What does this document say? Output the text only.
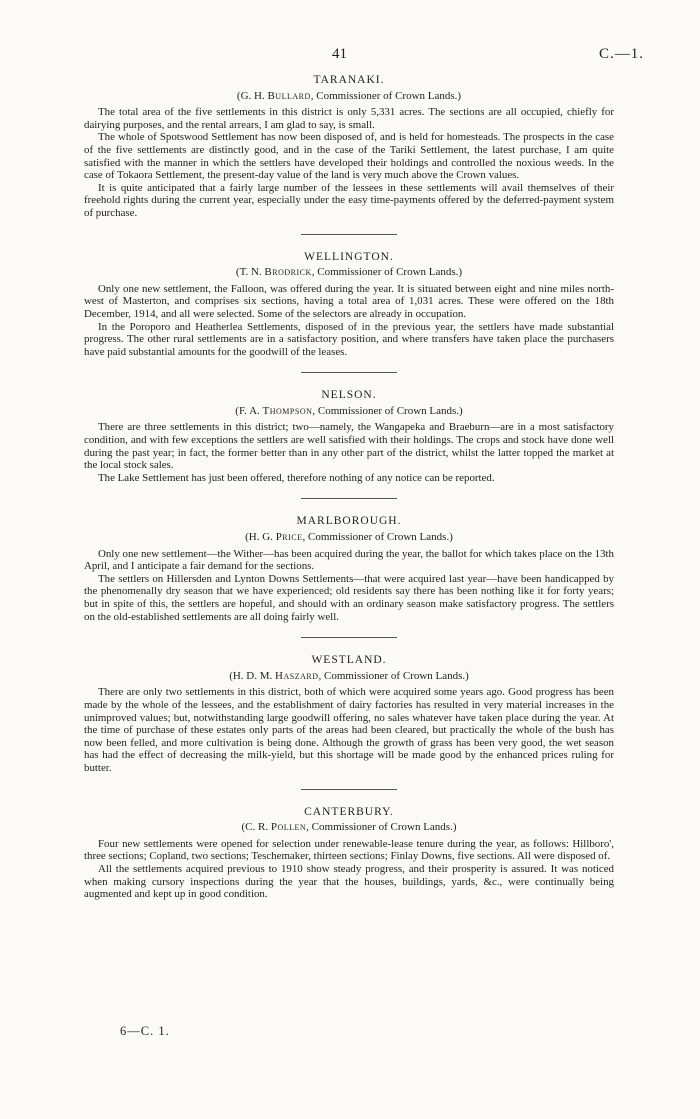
41	C.—1.
TARANAKI.
(G. H. Bullard, Commissioner of Crown Lands.)

The total area of the five settlements in this district is only 5,331 acres. The sections are all occupied, chiefly for dairying purposes, and the rental arrears, I am glad to say, is small.

The whole of Spotswood Settlement has now been disposed of, and is held for homesteads. The prospects in the case of the five settlements are distinctly good, and in the case of the Tariki Settlement, the latest purchase, I am quite satisfied with the manner in which the settlers have developed their holdings and controlled the noxious weeds. In the case of Tokaora Settlement, the present-day value of the land is very much above the Crown values.

It is quite anticipated that a fairly large number of the lessees in these settlements will avail themselves of their freehold rights during the current year, especially under the easy time-payments offered by the deferred-payment system of purchase.

WELLINGTON.
(T. N. Brodrick, Commissioner of Crown Lands.)

Only one new settlement, the Falloon, was offered during the year. It is situated between eight and nine miles north-west of Masterton, and comprises six sections, having a total area of 1,031 acres. These were offered on the 18th December, 1914, and all were selected. Some of the selectors are already in occupation.

In the Poroporo and Heatherlea Settlements, disposed of in the previous year, the settlers have made substantial progress. The other rural settlements are in a satisfactory position, and where transfers have taken place the purchasers have paid substantial amounts for the goodwill of the leases.

NELSON.
(F. A. Thompson, Commissioner of Crown Lands.)

There are three settlements in this district; two—namely, the Wangapeka and Braeburn—are in a most satisfactory condition, and with few exceptions the settlers are well satisfied with their holdings. The crops and stock have done well during the past year; in fact, the former better than in any other part of the district, whilst the latter topped the market at the local stock sales.

The Lake Settlement has just been offered, therefore nothing of any notice can be reported.

MARLBOROUGH.
(H. G. Price, Commissioner of Crown Lands.)

Only one new settlement—the Wither—has been acquired during the year, the ballot for which takes place on the 13th April, and I anticipate a fair demand for the sections.

The settlers on Hillersden and Lynton Downs Settlements—that were acquired last year—have been handicapped by the phenomenally dry season that we have experienced; old residents say there has been nothing like it for forty years; but in spite of this, the settlers are hopeful, and should with an ordinary season make satisfactory progress. The settlers on the old-established settlements are all doing fairly well.

WESTLAND.
(H. D. M. Haszard, Commissioner of Crown Lands.)

There are only two settlements in this district, both of which were acquired some years ago. Good progress has been made by the whole of the lessees, and the establishment of dairy factories has resulted in very material increases in the unimproved values; but, notwithstanding large goodwill offering, no sales whatever have taken place during the year. At the time of purchase of these estates only parts of the areas had been cleared, but practically the whole of the bush has now been felled, and more cultivation is being done. Although the growth of grass has been very good, the wet season has had the effect of decreasing the milk-yield, but this shortage will be made good by the enhanced prices ruling for butter.

CANTERBURY.
(C. R. Pollen, Commissioner of Crown Lands.)

Four new settlements were opened for selection under renewable-lease tenure during the year, as follows: Hillboro', three sections; Copland, two sections; Teschemaker, thirteen sections; Finlay Downs, five sections. All were disposed of.

All the settlements acquired previous to 1910 show steady progress, and their prosperity is assured. It was noticed when making cursory inspections during the year that the houses, buildings, yards, &c., were continually being augmented and kept up in good condition.

6—C. 1.
